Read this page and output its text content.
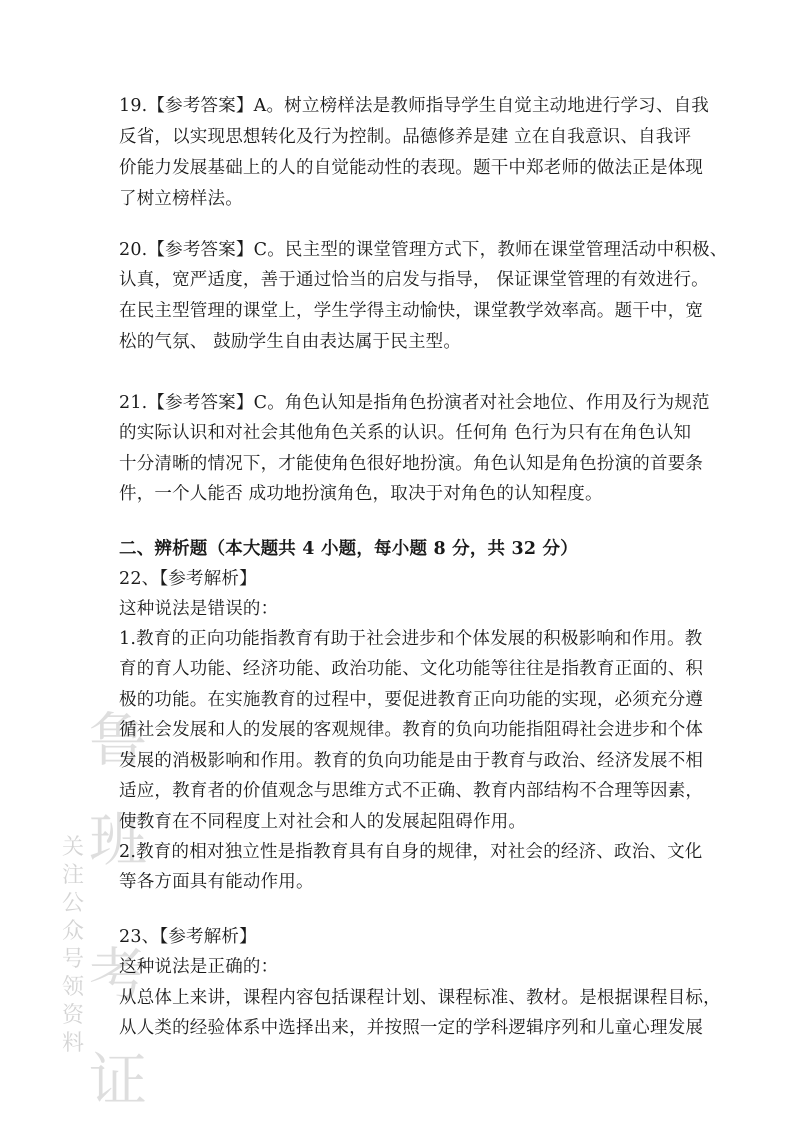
关
注
公
众
号
领
资
料
鲁
班
考
证
19.【参考答案】A。树立榜样法是教师指导学生自觉主动地进行学习、自我
反省，以实现思想转化及行为控制。品德修养是建 立在自我意识、自我评
价能力发展基础上的人的自觉能动性的表现。题干中郑老师的做法正是体现
了树立榜样法。
20.【参考答案】C。民主型的课堂管理方式下，教师在课堂管理活动中积极、
认真，宽严适度，善于通过恰当的启发与指导， 保证课堂管理的有效进行。
在民主型管理的课堂上，学生学得主动愉快，课堂教学效率高。题干中，宽
松的气氛、 鼓励学生自由表达属于民主型。
21.【参考答案】C。角色认知是指角色扮演者对社会地位、作用及行为规范
的实际认识和对社会其他角色关系的认识。任何角 色行为只有在角色认知
十分清晰的情况下，才能使角色很好地扮演。角色认知是角色扮演的首要条
件，一个人能否 成功地扮演角色，取决于对角色的认知程度。
二、辨析题（本大题共 4 小题，每小题 8 分，共 32 分）
22、【参考解析】
这种说法是错误的：
1.教育的正向功能指教育有助于社会进步和个体发展的积极影响和作用。教
育的育人功能、经济功能、政治功能、文化功能等往往是指教育正面的、积
极的功能。在实施教育的过程中，要促进教育正向功能的实现，必须充分遵
循社会发展和人的发展的客观规律。教育的负向功能指阻碍社会进步和个体
发展的消极影响和作用。教育的负向功能是由于教育与政治、经济发展不相
适应，教育者的价值观念与思维方式不正确、教育内部结构不合理等因素，
使教育在不同程度上对社会和人的发展起阻碍作用。
2.教育的相对独立性是指教育具有自身的规律，对社会的经济、政治、文化
等各方面具有能动作用。
23、【参考解析】
这种说法是正确的：
从总体上来讲，课程内容包括课程计划、课程标准、教材。是根据课程目标，
从人类的经验体系中选择出来，并按照一定的学科逻辑序列和儿童心理发展
